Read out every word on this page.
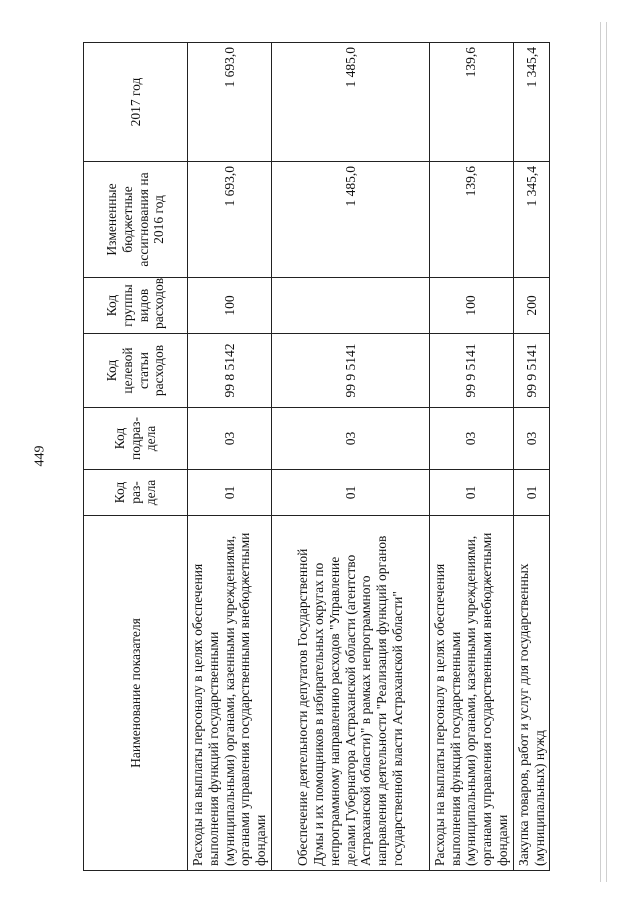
449
Наименование показателя	Код раз-дела	Код подраз-дела	Код целевой статьи расходов	Код группы видов расходов	Измененные бюджетные ассигнования на 2016 год	2017 год
Расходы на выплаты персоналу в целях обеспечения выполнения функций государственными (муниципальными) органами, казенными учреждениями, органами управления государственными внебюджетными фондами	01	03	99 8 5142	100	1 693,0	1 693,0
Обеспечение деятельности депутатов Государственной Думы и их помощников в избирательных округах по непрограммному направлению расходов "Управление делами Губернатора Астраханской области (агентство Астраханской области)" в рамках непрограммного направления деятельности "Реализация функций органов государственной власти Астраханской области"	01	03	99 9 5141		1 485,0	1 485,0
Расходы на выплаты персоналу в целях обеспечения выполнения функций государственными (муниципальными) органами, казенными учреждениями, органами управления государственными внебюджетными фондами	01	03	99 9 5141	100	139,6	139,6
Закупка товаров, работ и услуг для государственных (муниципальных) нужд	01	03	99 9 5141	200	1 345,4	1 345,4
